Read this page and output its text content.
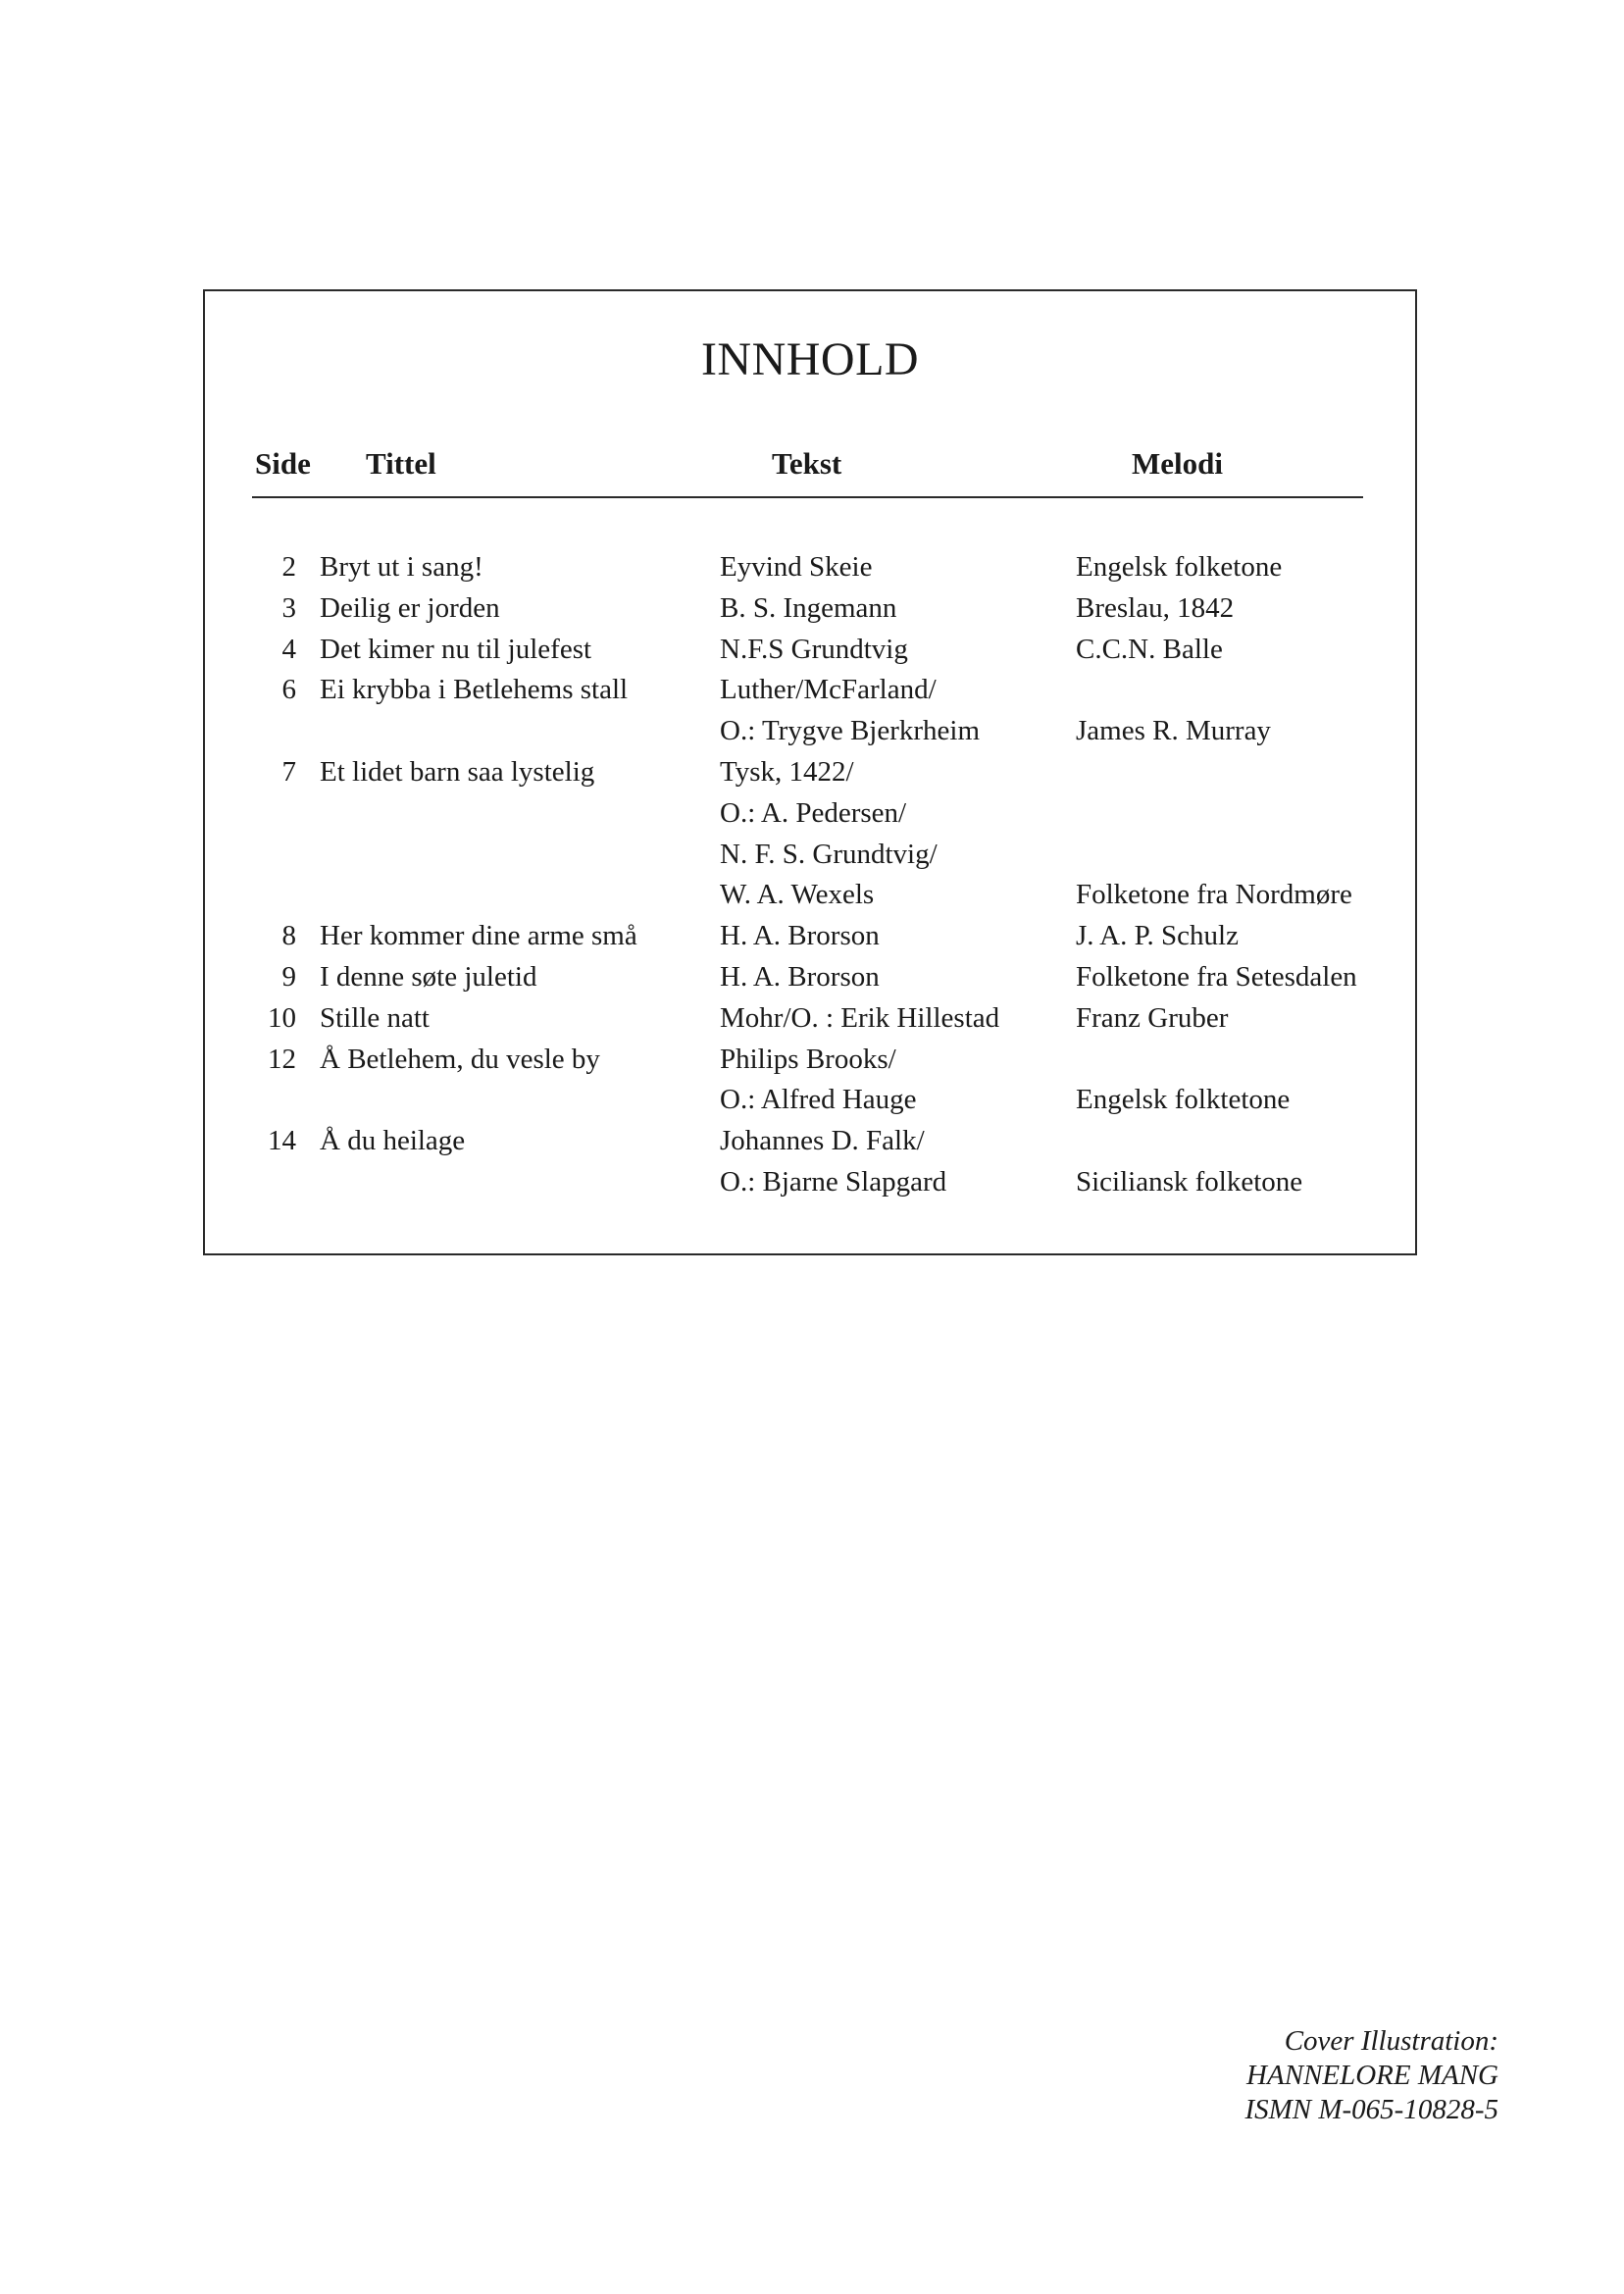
INNHOLD
Side Tittel	Tekst	Melodi
2 Bryt ut i sang!	Eyvind Skeie	Engelsk folketone
3 Deilig er jorden	B. S. Ingemann	Breslau, 1842
4 Det kimer nu til julefest	N.F.S Grundtvig	C.C.N. Balle
6 Ei krybba i Betlehems stall	Luther/McFarland/
O.: Trygve Bjerkrheim	James R. Murray
7 Et lidet barn saa lystelig	Tysk, 1422/
O.: A. Pedersen/
N. F. S. Grundtvig/
W. A. Wexels	Folketone fra Nordmøre
8 Her kommer dine arme små	H. A. Brorson	J. A. P. Schulz
9 I denne søte juletid	H. A. Brorson	Folketone fra Setesdalen
10 Stille natt	Mohr/O. : Erik Hillestad	Franz Gruber
12 Å Betlehem, du vesle by	Philips Brooks/
O.: Alfred Hauge	Engelsk folktetone
14 Å du heilage	Johannes D. Falk/
O.: Bjarne Slapgard	Siciliansk folketone
Cover Illustration:
HANNELORE MANG
ISMN M-065-10828-5
